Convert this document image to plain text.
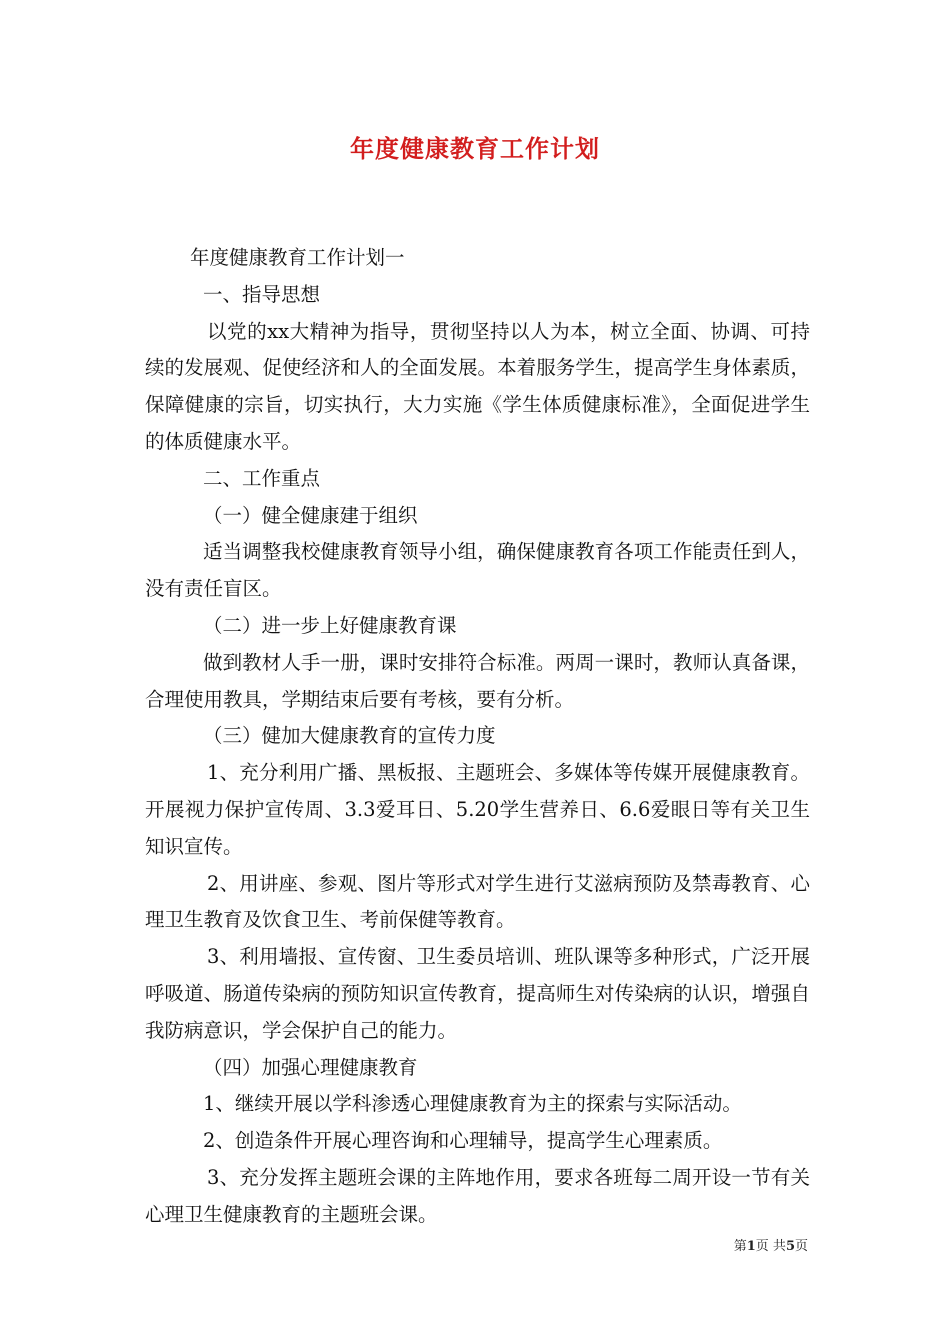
年度健康教育工作计划

年度健康教育工作计划一

一、指导思想

以党的xx大精神为指导，贯彻坚持以人为本，树立全面、协调、可持续的发展观、促使经济和人的全面发展。本着服务学生，提高学生身体素质，保障健康的宗旨，切实执行，大力实施《学生体质健康标准》，全面促进学生的体质健康水平。

二、工作重点

（一）健全健康建于组织

适当调整我校健康教育领导小组，确保健康教育各项工作能责任到人，没有责任盲区。

（二）进一步上好健康教育课

做到教材人手一册，课时安排符合标准。两周一课时，教师认真备课，合理使用教具，学期结束后要有考核，要有分析。

（三）健加大健康教育的宣传力度

1、充分利用广播、黑板报、主题班会、多媒体等传媒开展健康教育。开展视力保护宣传周、3.3爱耳日、5.20学生营养日、6.6爱眼日等有关卫生知识宣传。

2、用讲座、参观、图片等形式对学生进行艾滋病预防及禁毒教育、心理卫生教育及饮食卫生、考前保健等教育。

3、利用墙报、宣传窗、卫生委员培训、班队课等多种形式，广泛开展呼吸道、肠道传染病的预防知识宣传教育，提高师生对传染病的认识，增强自我防病意识，学会保护自己的能力。

（四）加强心理健康教育

1、继续开展以学科渗透心理健康教育为主的探索与实际活动。

2、创造条件开展心理咨询和心理辅导，提高学生心理素质。

3、充分发挥主题班会课的主阵地作用，要求各班每二周开设一节有关心理卫生健康教育的主题班会课。

第1页 共5页
